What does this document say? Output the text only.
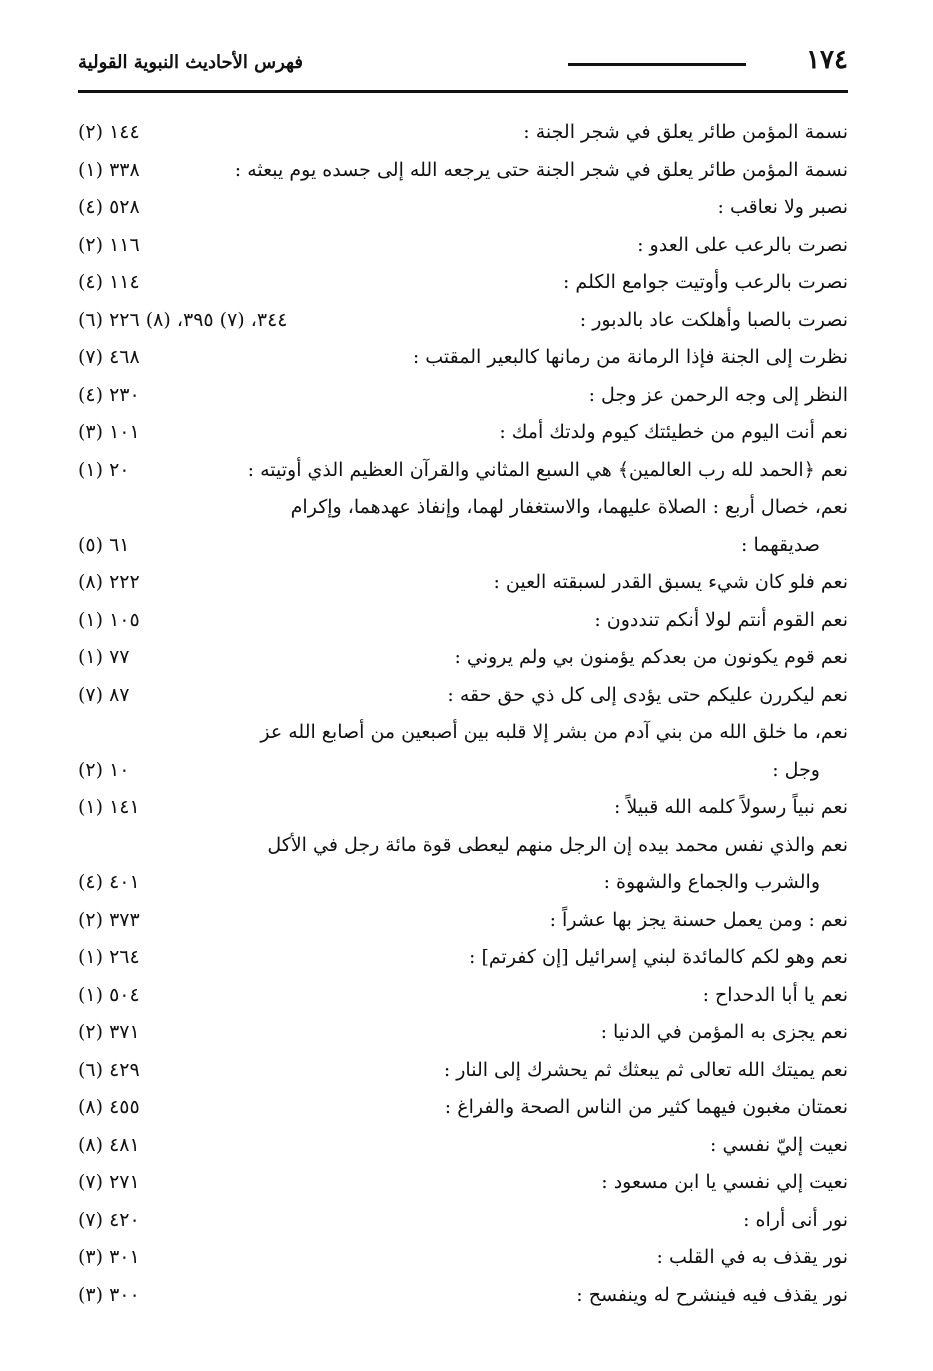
١٧٤
فهرس الأحاديث النبوية القولية
نسمة المؤمن طائر يعلق في شجر الجنة :
(٢) ١٤٤
نسمة المؤمن طائر يعلق في شجر الجنة حتى يرجعه الله إلى جسده يوم يبعثه :
(١) ٣٣٨
نصبر ولا نعاقب :
(٤) ٥٢٨
نصرت بالرعب على العدو :
(٢) ١١٦
نصرت بالرعب وأوتيت جوامع الكلم :
(٤) ١١٤
نصرت بالصبا وأهلكت عاد بالدبور :
(٦) ٣٤٤، (٧) ٣٩٥، (٨) ٢٢٦
نظرت إلى الجنة فإذا الرمانة من رمانها كالبعير المقتب :
(٧) ٤٦٨
النظر إلى وجه الرحمن عز وجل :
(٤) ٢٣٠
نعم أنت اليوم من خطيئتك كيوم ولدتك أمك :
(٣) ١٠١
نعم ﴿الحمد لله رب العالمين﴾ هي السبع المثاني والقرآن العظيم الذي أوتيته :
(١) ٢٠
نعم، خصال أربع : الصلاة عليهما، والاستغفار لهما، وإنفاذ عهدهما، وإكرام
صديقهما :
(٥) ٦١
نعم فلو كان شيء يسبق القدر لسبقته العين :
(٨) ٢٢٢
نعم القوم أنتم لولا أنكم تنددون :
(١) ١٠٥
نعم قوم يكونون من بعدكم يؤمنون بي ولم يروني :
(١) ٧٧
نعم ليكررن عليكم حتى يؤدى إلى كل ذي حق حقه :
(٧) ٨٧
نعم، ما خلق الله من بني آدم من بشر إلا قلبه بين أصبعين من أصابع الله عز
وجل :
(٢) ١٠
نعم نبياً رسولاً كلمه الله قبيلاً :
(١) ١٤١
نعم والذي نفس محمد بيده إن الرجل منهم ليعطى قوة مائة رجل في الأكل
والشرب والجماع والشهوة :
(٤) ٤٠١
نعم : ومن يعمل حسنة يجز بها عشراً :
(٢) ٣٧٣
نعم وهو لكم كالمائدة لبني إسرائيل [إن كفرتم] :
(١) ٢٦٤
نعم يا أبا الدحداح :
(١) ٥٠٤
نعم يجزى به المؤمن في الدنيا :
(٢) ٣٧١
نعم يميتك الله تعالى ثم يبعثك ثم يحشرك إلى النار :
(٦) ٤٢٩
نعمتان مغبون فيهما كثير من الناس الصحة والفراغ :
(٨) ٤٥٥
نعيت إليّ نفسي :
(٨) ٤٨١
نعيت إلي نفسي يا ابن مسعود :
(٧) ٢٧١
نور أنى أراه :
(٧) ٤٢٠
نور يقذف به في القلب :
(٣) ٣٠١
نور يقذف فيه فينشرح له وينفسح :
(٣) ٣٠٠
